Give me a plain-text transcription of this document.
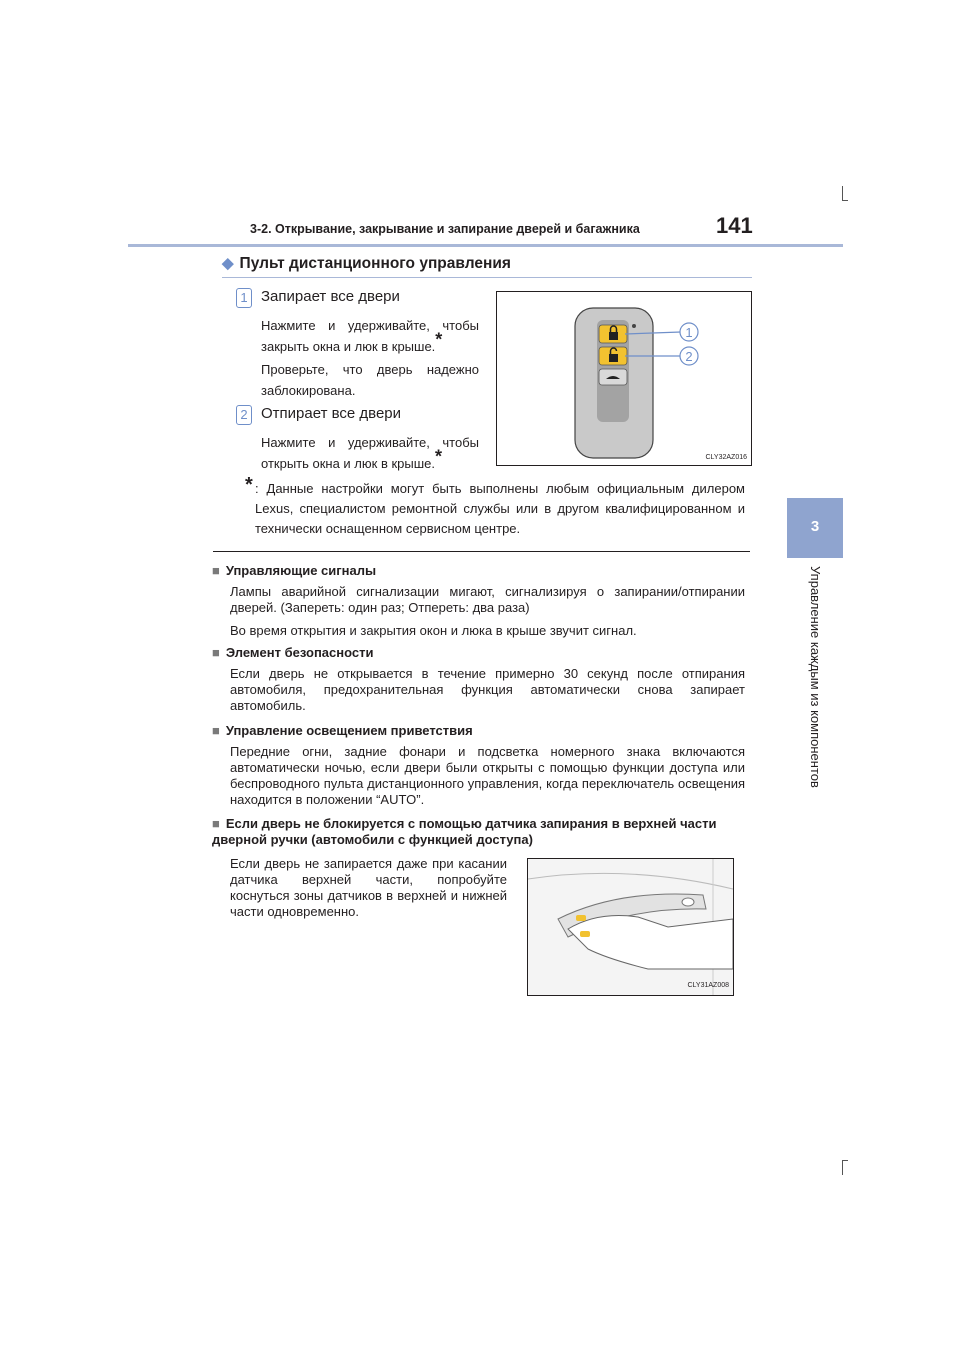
3-2. Открывание, закрывание и запирание дверей и багажника	141
3
Управление каждым из компонентов
◆ Пульт дистанционного управления
1 Запирает все двери
Нажмите и удерживайте, чтобы закрыть окна и люк в крыше.*
Проверьте, что дверь надежно заблокирована.
2 Отпирает все двери
Нажмите и удерживайте, чтобы открыть окна и люк в крыше.*
1
2
CLY32AZ016
* : Данные настройки могут быть выполнены любым официальным дилером Lexus, специалистом ремонтной службы или в другом квалифицированном и технически оснащенном сервисном центре.
■ Управляющие сигналы
Лампы аварийной сигнализации мигают, сигнализируя о запирании/отпирании дверей. (Запереть: один раз; Отпереть: два раза)
Во время открытия и закрытия окон и люка в крыше звучит сигнал.
■ Элемент безопасности
Если дверь не открывается в течение примерно 30 секунд после отпирания автомобиля, предохранительная функция автоматически снова запирает автомобиль.
■ Управление освещением приветствия
Передние огни, задние фонари и подсветка номерного знака включаются автоматически ночью, если двери были открыты с помощью функции доступа или беспроводного пульта дистанционного управления, когда переключатель освещения находится в положении “AUTO”.
■ Если дверь не блокируется с помощью датчика запирания в верхней части дверной ручки (автомобили с функцией доступа)
Если дверь не запирается даже при касании датчика верхней части, попробуйте коснуться зоны датчиков в верхней и нижней части одновременно.
CLY31AZ008
